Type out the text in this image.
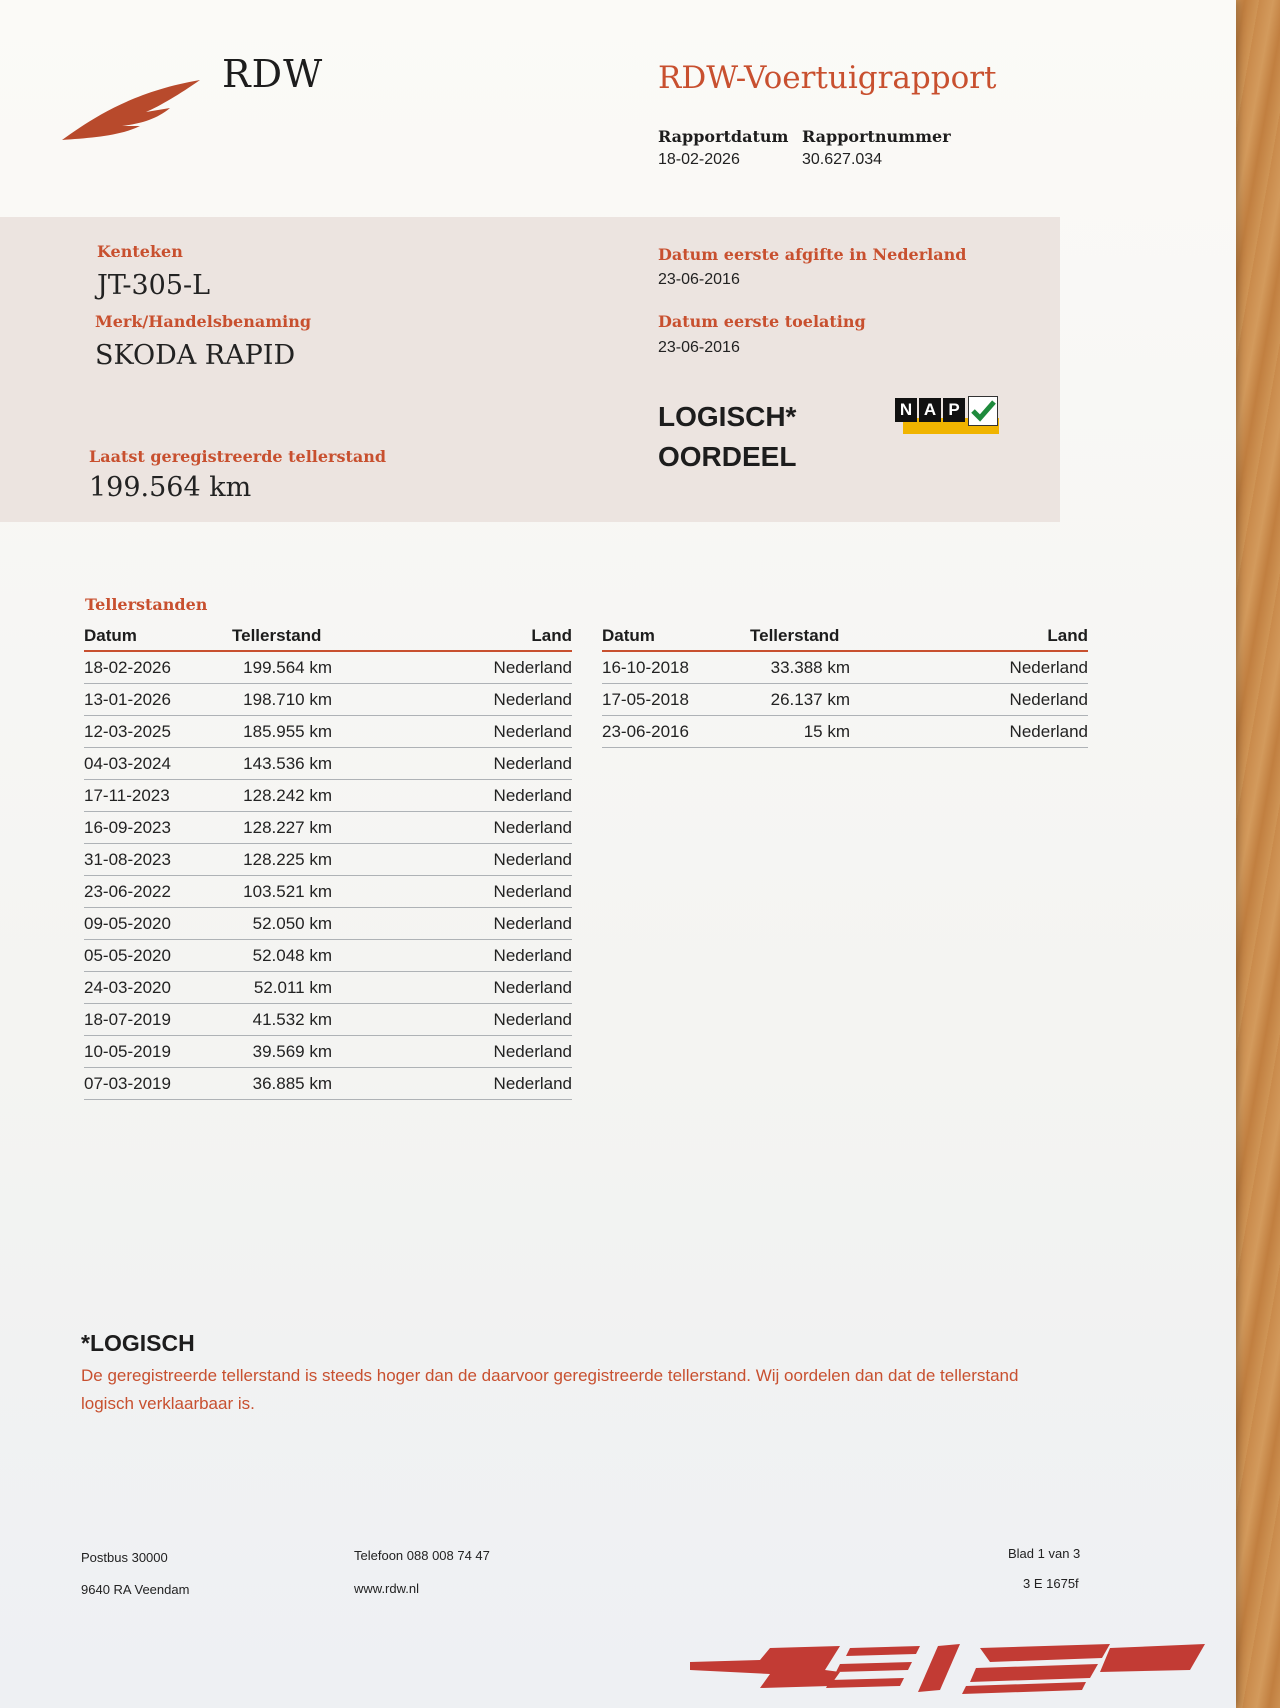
RDW	RDW-Voertuigrapport
Rapportdatum
18-02-2026
Rapportnummer
30.627.034
Kenteken
JT-305-L
Merk/Handelsbenaming
SKODA RAPID
Datum eerste afgifte in Nederland
23-06-2016
Datum eerste toelating
23-06-2016
LOGISCH*
OORDEEL
N A P
Laatst geregistreerde tellerstand
199.564 km
Tellerstanden
Datum	Tellerstand	Land
18-02-2026	199.564 km	Nederland
13-01-2026	198.710 km	Nederland
12-03-2025	185.955 km	Nederland
04-03-2024	143.536 km	Nederland
17-11-2023	128.242 km	Nederland
16-09-2023	128.227 km	Nederland
31-08-2023	128.225 km	Nederland
23-06-2022	103.521 km	Nederland
09-05-2020	52.050 km	Nederland
05-05-2020	52.048 km	Nederland
24-03-2020	52.011 km	Nederland
18-07-2019	41.532 km	Nederland
10-05-2019	39.569 km	Nederland
07-03-2019	36.885 km	Nederland
Datum	Tellerstand	Land
16-10-2018	33.388 km	Nederland
17-05-2018	26.137 km	Nederland
23-06-2016	15 km	Nederland
*LOGISCH
De geregistreerde tellerstand is steeds hoger dan de daarvoor geregistreerde tellerstand. Wij oordelen dan dat de tellerstand logisch verklaarbaar is.
Postbus 30000
9640 RA Veendam
Telefoon 088 008 74 47
www.rdw.nl
Blad 1 van 3
3 E 1675f
